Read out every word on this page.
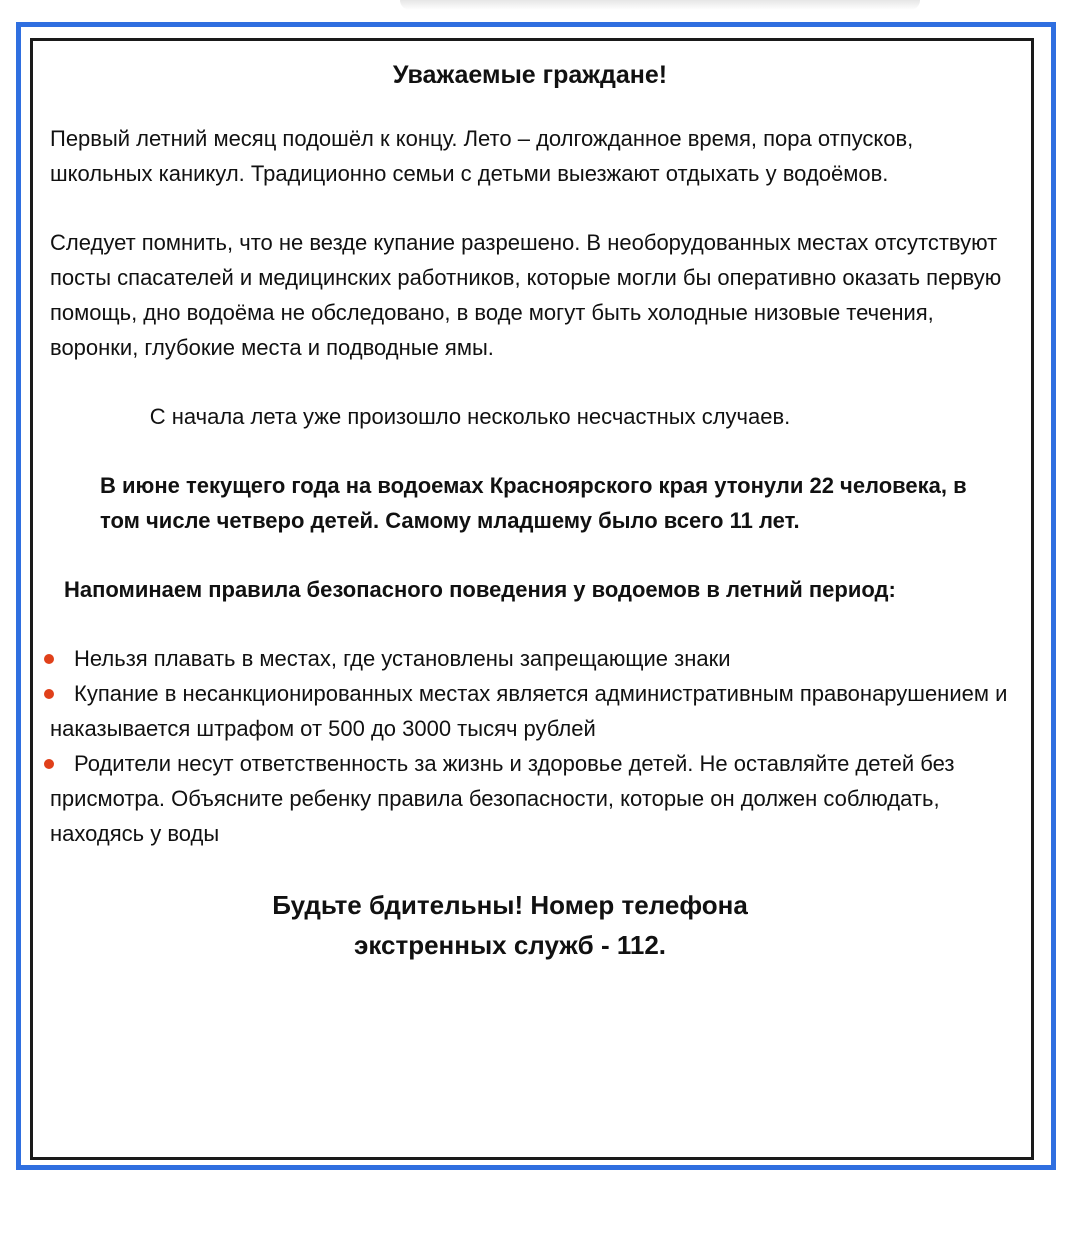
Уважаемые граждане!

Первый летний месяц подошёл к концу. Лето – долгожданное время, пора отпусков, школьных каникул. Традиционно семьи с детьми выезжают отдыхать у водоёмов.

Следует помнить, что не везде купание разрешено. В необорудованных местах отсутствуют посты спасателей и медицинских работников, которые могли бы оперативно оказать первую помощь, дно водоёма не обследовано, в воде могут быть холодные низовые течения, воронки, глубокие места и подводные ямы.

С начала лета уже произошло несколько несчастных случаев.

В июне текущего года на водоемах Красноярского края утонули 22 человека, в том числе четверо детей. Самому младшему было всего 11 лет.

Напоминаем правила безопасного поведения у водоемов в летний период:

Нельзя плавать в местах, где установлены запрещающие знаки
Купание в несанкционированных местах является административным правонарушением и наказывается штрафом от 500 до 3000 тысяч рублей
Родители несут ответственность за жизнь и здоровье детей. Не оставляйте детей без присмотра. Объясните ребенку правила безопасности, которые он должен соблюдать, находясь у воды
Будьте бдительны! Номер телефона
экстренных служб - 112.
